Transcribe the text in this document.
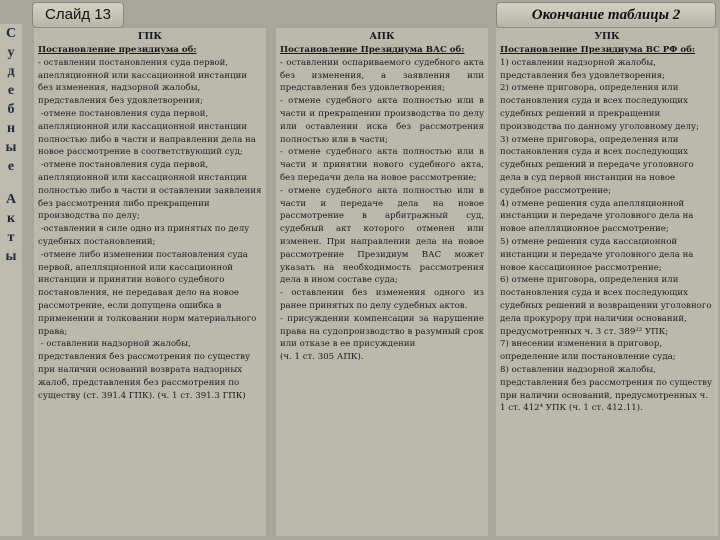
Слайд 13	Окончание таблицы 2
С
у
д
е
б
н
ы
е
А
к
т
ы
ГПК

Постановление президиума об:

- оставлении постановления суда первой, апелляционной или кассационной инстанции без изменения, надзорной жалобы, представления без удовлетворения;
-отмене постановления суда первой, апелляционной или кассационной инстанции полностью либо в части и направлении дела на новое рассмотрение в соответствующий суд;
-отмене постановления суда первой, апелляционной или кассационной инстанции полностью либо в части и оставлении заявления без рассмотрения либо прекращении производства по делу;
-оставлении в силе одно из принятых по делу судебных постановлений;
-отмене либо изменении постановления суда первой, апелляционной или кассационной инстанции и принятии нового судебного постановления, не передавая дело на новое рассмотрение, если допущена ошибка в применении и толковании норм материального права;
- оставлении надзорной жалобы, представления без рассмотрения по существу при наличии оснований возврата надзорных жалоб, представления без рассмотрения по существу (ст. 391.4 ГПК). (ч. 1 ст. 391.3 ГПК)

АПК

Постановление Президиума ВАС об:

- оставлении оспариваемого судебного акта без изменения, а заявления или представления без удовлетворения;
- отмене судебного акта полностью или в части и прекращении производства по делу или оставлении иска без рассмотрения полностью или в части;
- отмене судебного акта полностью или в части и принятии нового судебного акта, без передачи дела на новое рассмотрение;
- отмене судебного акта полностью или в части и передаче дела на новое рассмотрение в арбитражный суд, судебный акт которого отменен или изменен. При направлении дела на новое рассмотрение Президиум ВАС может указать на необходимость рассмотрения дела в ином составе суда;
- оставлении без изменения одного из ранее принятых по делу судебных актов.
- присуждении компенсации за нарушение права на судопроизводство в разумный срок или отказе в ее присуждении
(ч. 1 ст. 305 АПК).

УПК

Постановление Президиума ВС РФ об:

1) оставлении надзорной жалобы, представления без удовлетворения;
2) отмене приговора, определения или постановления суда и всех последующих судебных решений и прекращении производства по данному уголовному делу;
3) отмене приговора, определения или постановления суда и всех последующих судебных решений и передаче уголовного дела в суд первой инстанции на новое судебное рассмотрение;
4) отмене решения суда апелляционной инстанции и передаче уголовного дела на новое апелляционное рассмотрение;
5) отмене решения суда кассационной инстанции и передаче уголовного дела на новое кассационное рассмотрение;
6) отмене приговора, определения или постановления суда и всех последующих судебных решений и возвращении уголовного дела прокурору при наличии оснований, предусмотренных ч. 3 ст. 389²² УПК;
7) внесении изменения в приговор, определение или постановление суда;
8) оставлении надзорной жалобы, представления без рассмотрения по существу при наличии оснований, предусмотренных ч. 1 ст. 412⁴ УПК (ч. 1 ст. 412.11).
